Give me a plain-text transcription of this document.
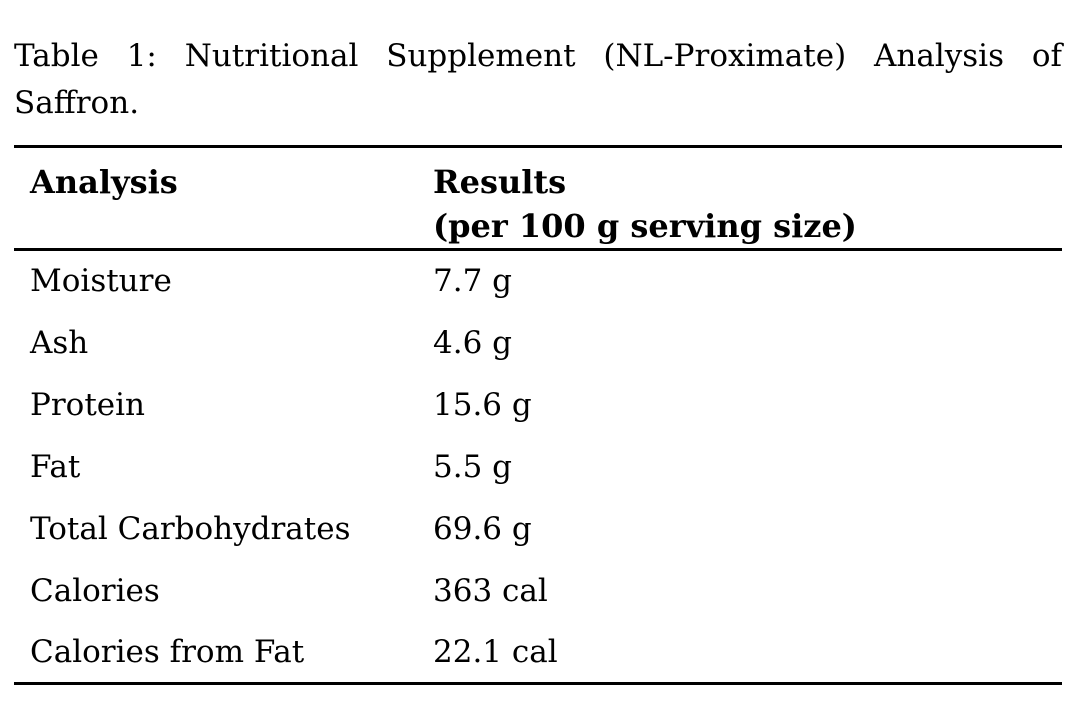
Table 1: Nutritional Supplement (NL-Proximate) Analysis of
Saffron.
Analysis	Results
(per 100 g serving size)

Moisture	7.7 g
Ash	4.6 g
Protein	15.6 g
Fat	5.5 g
Total Carbohydrates	69.6 g
Calories	363 cal
Calories from Fat	22.1 cal
